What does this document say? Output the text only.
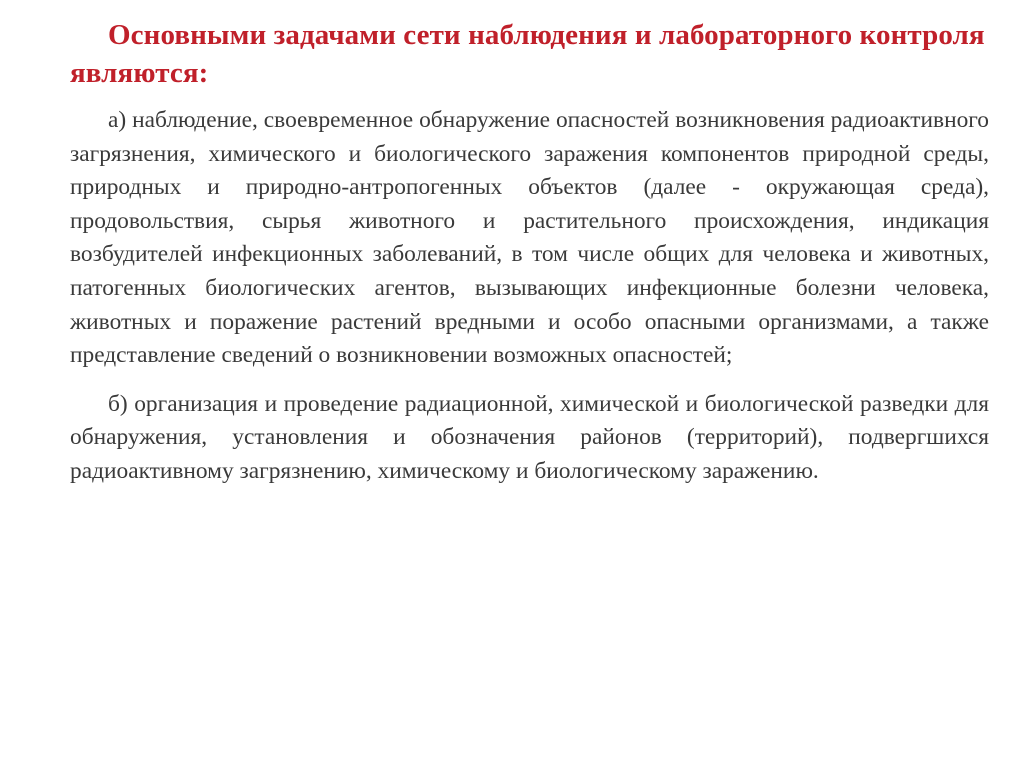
Основными задачами сети наблюдения и лабораторного контроля являются:

а) наблюдение, своевременное обнаружение опасностей возникновения радиоактивного загрязнения, химического и биологического заражения компонентов природной среды, природных и природно-антропогенных объектов (далее - окружающая среда), продовольствия, сырья животного и растительного происхождения, индикация возбудителей инфекционных заболеваний, в том числе общих для человека и животных, патогенных биологических агентов, вызывающих инфекционные болезни человека, животных и поражение растений вредными и особо опасными организмами, а также представление сведений о возникновении возможных опасностей;

б) организация и проведение радиационной, химической и биологической разведки для обнаружения, установления и обозначения районов (территорий), подвергшихся радиоактивному загрязнению, химическому и биологическому заражению.
